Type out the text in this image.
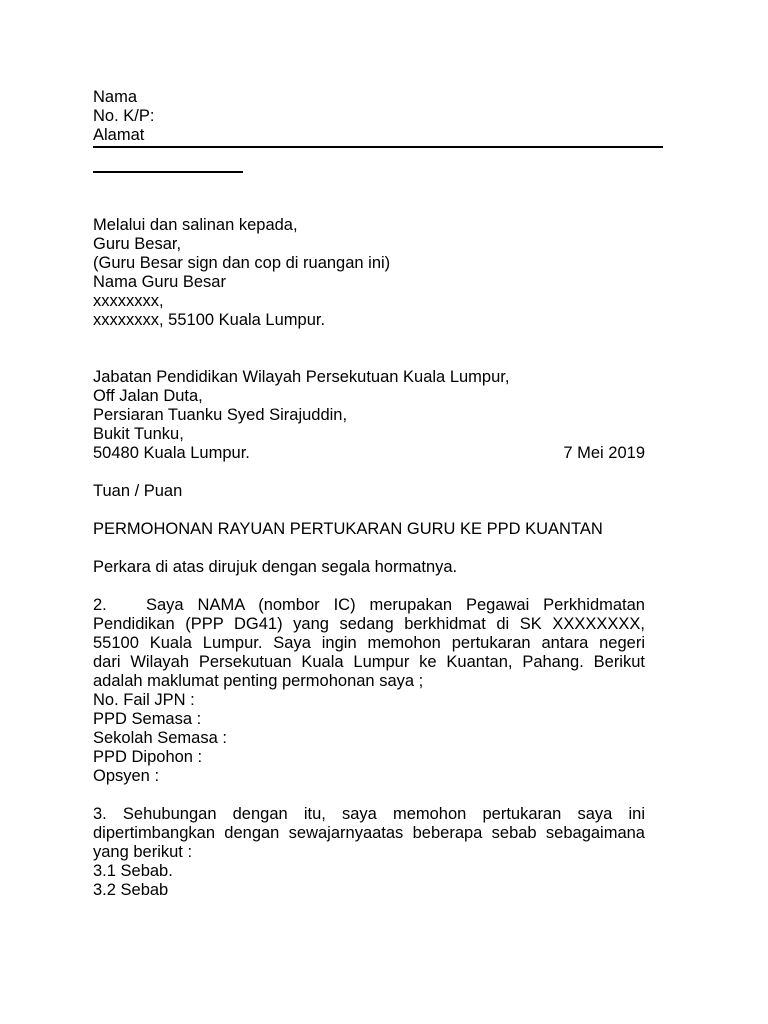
Nama
No. K/P:
Alamat
Melalui dan salinan kepada,
Guru Besar,
(Guru Besar sign dan cop di ruangan ini)
Nama Guru Besar
xxxxxxxx,
xxxxxxxx, 55100 Kuala Lumpur.
Jabatan Pendidikan Wilayah Persekutuan Kuala Lumpur,
Off Jalan Duta,
Persiaran Tuanku Syed Sirajuddin,
Bukit Tunku,
50480 Kuala Lumpur.	7 Mei 2019
Tuan / Puan
PERMOHONAN RAYUAN PERTUKARAN GURU KE PPD KUANTAN
Perkara di atas dirujuk dengan segala hormatnya.
2. Saya NAMA (nombor IC) merupakan Pegawai Perkhidmatan
Pendidikan (PPP DG41) yang sedang berkhidmat di SK XXXXXXXX,
55100 Kuala Lumpur. Saya ingin memohon pertukaran antara negeri
dari Wilayah Persekutuan Kuala Lumpur ke Kuantan, Pahang. Berikut
adalah maklumat penting permohonan saya ;
No. Fail JPN :
PPD Semasa :
Sekolah Semasa :
PPD Dipohon :
Opsyen :
3. Sehubungan dengan itu, saya memohon pertukaran saya ini
dipertimbangkan dengan sewajarnyaatas beberapa sebab sebagaimana
yang berikut :
3.1 Sebab.
3.2 Sebab
